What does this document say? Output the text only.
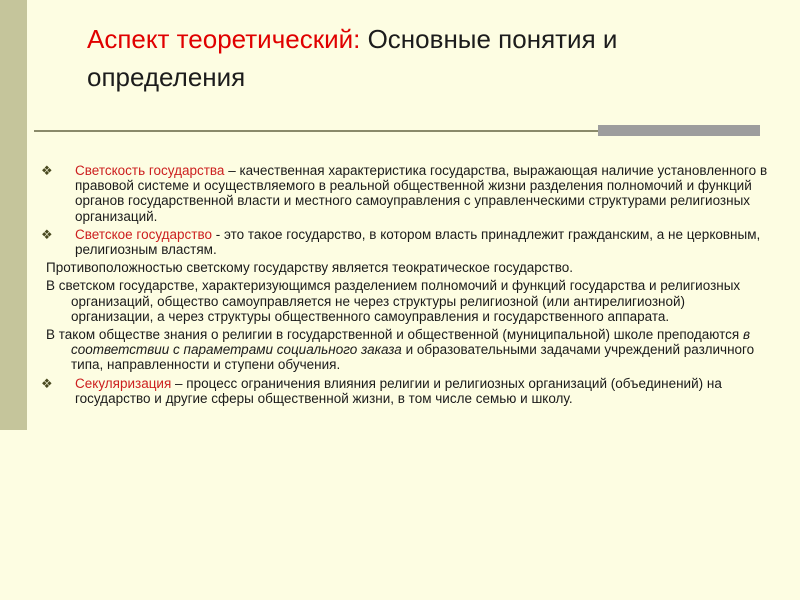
Аспект теоретический: Основные понятия и определения
❖ Светскость государства – качественная характеристика государства, выражающая наличие установленного в правовой системе и осуществляемого в реальной общественной жизни разделения полномочий и функций органов государственной власти и местного самоуправления с управленческими структурами религиозных организаций.
❖ Светское государство - это такое государство, в котором власть принадлежит гражданским, а не церковным, религиозным властям.
Противоположностью светскому государству является теократическое государство.
В светском государстве, характеризующимся разделением полномочий и функций государства и религиозных организаций, общество самоуправляется не через структуры религиозной (или антирелигиозной) организации, а через структуры общественного самоуправления и государственного аппарата.
В таком обществе знания о религии в государственной и общественной (муниципальной) школе преподаются в соответствии с параметрами социального заказа и образовательными задачами учреждений различного типа, направленности и ступени обучения.
❖ Секуляризация – процесс ограничения влияния религии и религиозных организаций (объединений) на государство и другие сферы общественной жизни, в том числе семью и школу.
